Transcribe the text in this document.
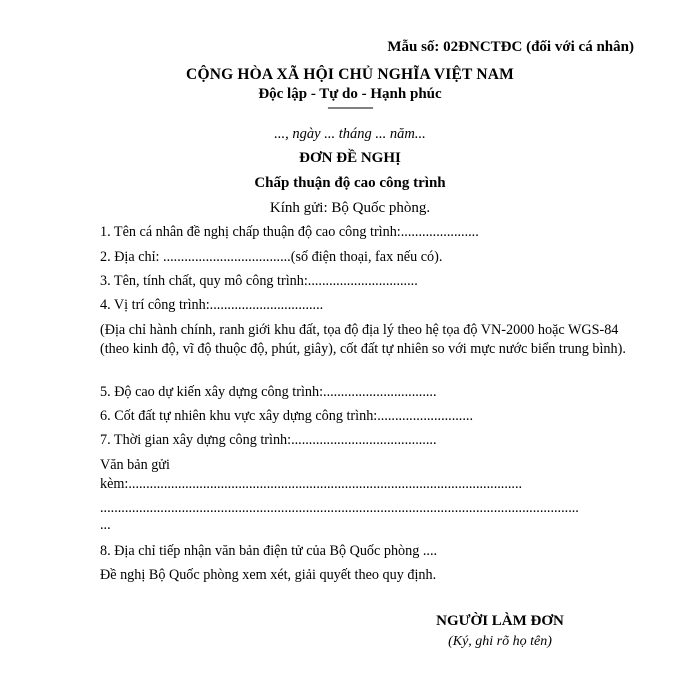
Mẫu số: 02ĐNCTĐC (đối với cá nhân)
CỘNG HÒA XÃ HỘI CHỦ NGHĨA VIỆT NAM
Độc lập - Tự do - Hạnh phúc
---------------
..., ngày ... tháng ... năm...
ĐƠN ĐỀ NGHỊ
Chấp thuận độ cao công trình
Kính gửi: Bộ Quốc phòng.
1. Tên cá nhân đề nghị chấp thuận độ cao công trình:......................
2. Địa chỉ: ....................................(số điện thoại, fax nếu có).
3. Tên, tính chất, quy mô công trình:...............................
4. Vị trí công trình:................................
(Địa chỉ hành chính, ranh giới khu đất, tọa độ địa lý theo hệ tọa độ VN-2000 hoặc WGS-84 (theo kinh độ, vĩ độ thuộc độ, phút, giây), cốt đất tự nhiên so với mực nước biển trung bình).
5. Độ cao dự kiến xây dựng công trình:................................
6. Cốt đất tự nhiên khu vực xây dựng công trình:...........................
7. Thời gian xây dựng công trình:.........................................
Văn bản gửi
kèm:...............................................................................................................
.......................................................................................................................................
...
8. Địa chỉ tiếp nhận văn bản điện tử của Bộ Quốc phòng ....
Đề nghị Bộ Quốc phòng xem xét, giải quyết theo quy định.
NGƯỜI LÀM ĐƠN
(Ký, ghi rõ họ tên)
